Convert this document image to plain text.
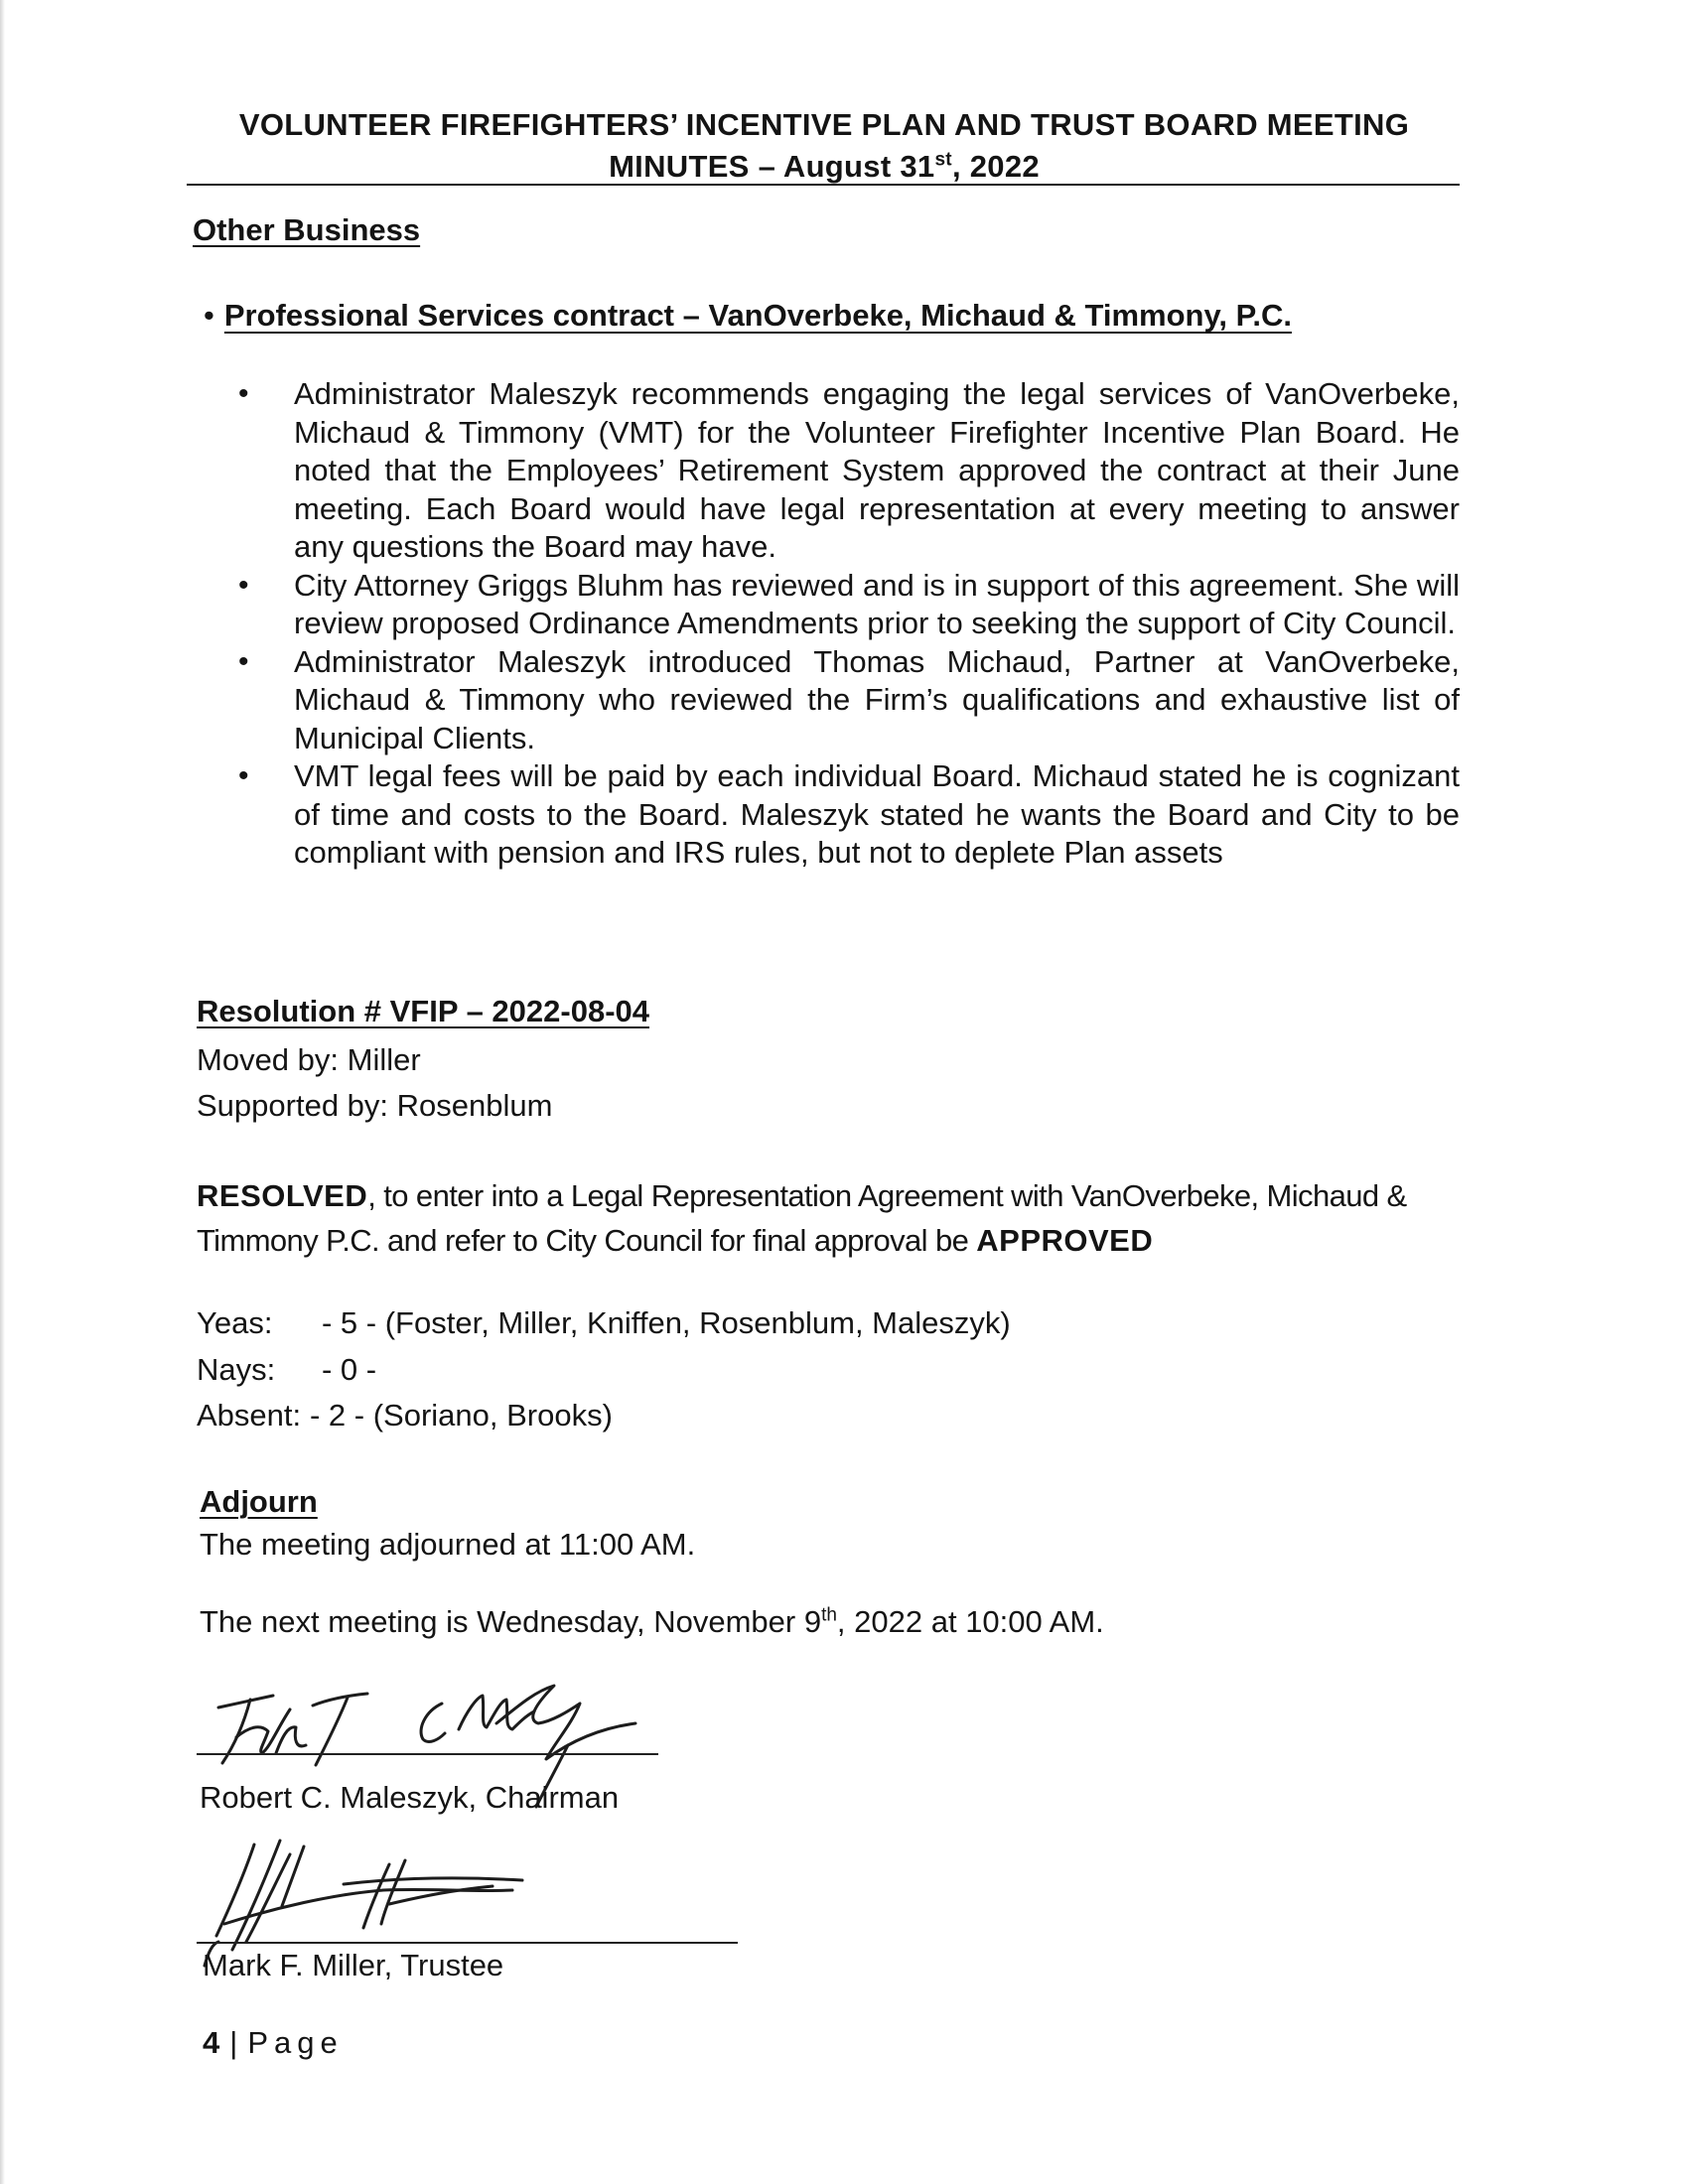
VOLUNTEER FIREFIGHTERS’ INCENTIVE PLAN AND TRUST BOARD MEETING
MINUTES – August 31st, 2022
Other Business
• Professional Services contract – VanOverbeke, Michaud & Timmony, P.C.
• Administrator Maleszyk recommends engaging the legal services of VanOverbeke, Michaud & Timmony (VMT) for the Volunteer Firefighter Incentive Plan Board. He noted that the Employees’ Retirement System approved the contract at their June meeting. Each Board would have legal representation at every meeting to answer any questions the Board may have.
• City Attorney Griggs Bluhm has reviewed and is in support of this agreement. She will review proposed Ordinance Amendments prior to seeking the support of City Council.
• Administrator Maleszyk introduced Thomas Michaud, Partner at VanOverbeke, Michaud & Timmony who reviewed the Firm’s qualifications and exhaustive list of Municipal Clients.
• VMT legal fees will be paid by each individual Board. Michaud stated he is cognizant of time and costs to the Board. Maleszyk stated he wants the Board and City to be compliant with pension and IRS rules, but not to deplete Plan assets
Resolution # VFIP – 2022-08-04
Moved by: Miller
Supported by: Rosenblum
RESOLVED, to enter into a Legal Representation Agreement with VanOverbeke, Michaud & Timmony P.C. and refer to City Council for final approval be APPROVED
Yeas: - 5 - (Foster, Miller, Kniffen, Rosenblum, Maleszyk)
Nays: - 0 -
Absent: - 2 - (Soriano, Brooks)
Adjourn
The meeting adjourned at 11:00 AM.
The next meeting is Wednesday, November 9th, 2022 at 10:00 AM.
Robert C. Maleszyk, Chairman
Mark F. Miller, Trustee
4 | Page
